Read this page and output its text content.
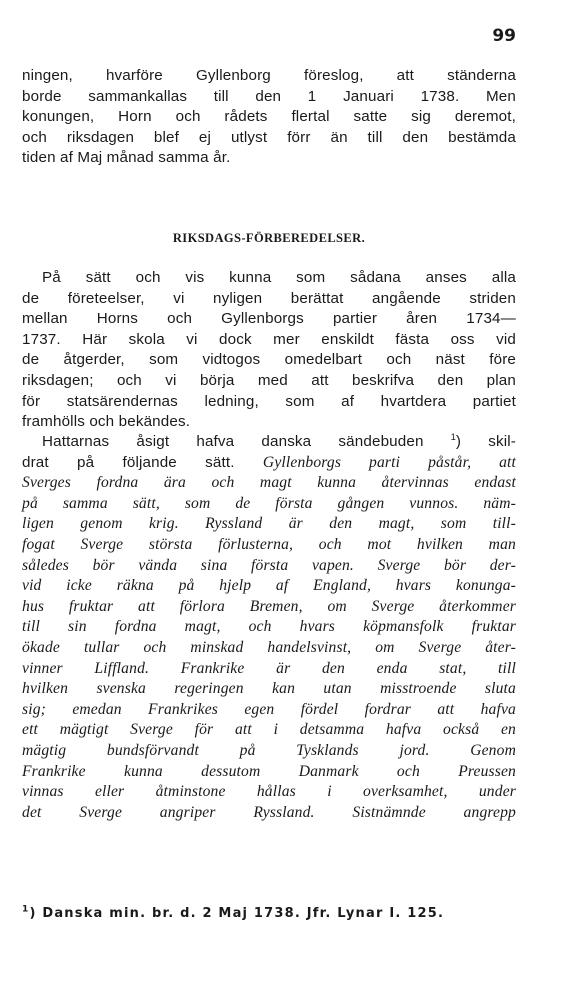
99

ningen, hvarföre Gyllenborg föreslog, att ständerna
borde sammankallas till den 1 Januari 1738. Men
konungen, Horn och rådets flertal satte sig deremot,
och riksdagen blef ej utlyst förr än till den bestämda
tiden af Maj månad samma år.

RIKSDAGS-FÖRBEREDELSER.

På sätt och vis kunna som sådana anses alla
de företeelser, vi nyligen berättat angående striden
mellan Horns och Gyllenborgs partier åren 1734—
1737. Här skola vi dock mer enskildt fästa oss vid
de åtgerder, som vidtogos omedelbart och näst före
riksdagen; och vi börja med att beskrifva den plan
för statsärendernas ledning, som af hvartdera partiet
framhölls och bekändes.

Hattarnas åsigt hafva danska sändebuden	$^1$) skil-
drat på följande sätt. Gyllenborgs parti påstår, att
Sverges fordna ära och magt kunna återvinnas endast
på samma sätt, som de första gången vunnos. näm-
ligen genom krig. Ryssland är den magt, som till-
fogat Sverge största förlusterna, och mot hvilken man
således bör vända sina första vapen. Sverge bör der-
vid icke räkna på hjelp af England, hvars konunga-
hus fruktar att förlora Bremen, om Sverge återkommer
till sin fordna magt, och hvars köpmansfolk fruktar
ökade tullar och minskad handelsvinst, om Sverge åter-
vinner Liffland. Frankrike är den enda stat, till
hvilken svenska regeringen kan utan misstroende sluta
sig; emedan Frankrikes egen fördel fordrar att hafva
ett mägtigt Sverge för att i detsamma hafva också en
mägtig bundsförvandt på Tysklands jord. Genom
Frankrike kunna dessutom Danmark och Preussen
vinnas eller åtminstone hållas i overksamhet, under
det Sverge angriper Ryssland. Sistnämnde angrepp

$^1$) Danska min. br. d. 2 Maj 1738. Jfr. Lynar I. 125.
